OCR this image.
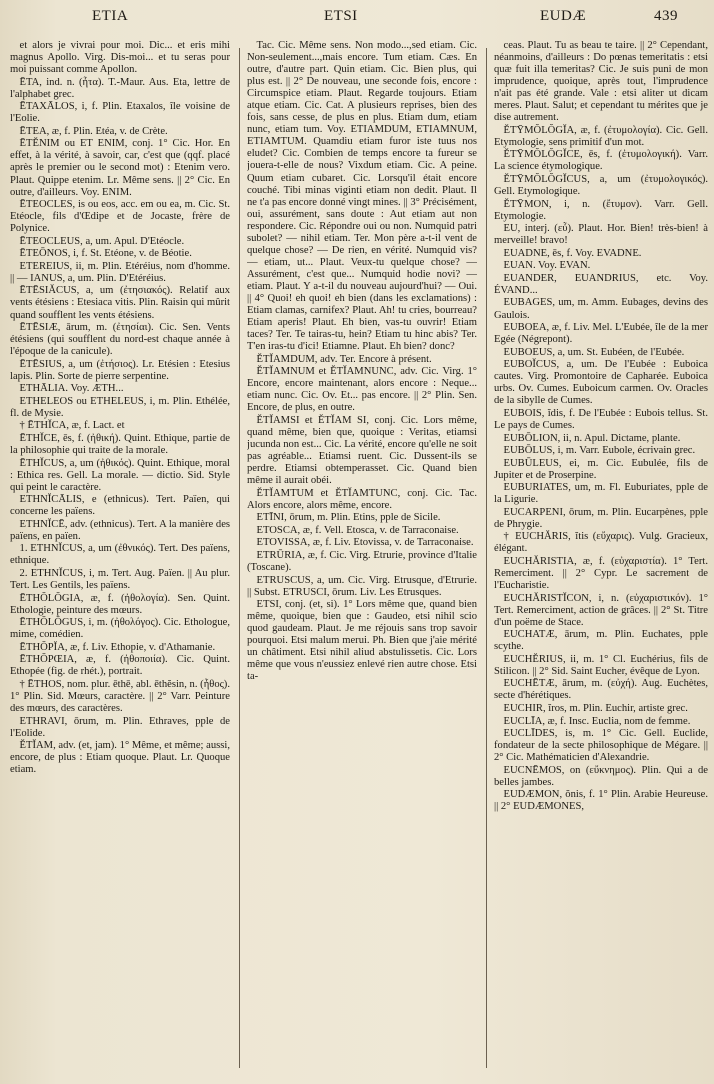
ETIA	ETSI	EUDÆ	439

et alors je vivrai pour moi. Dic... et eris mihi magnus Apollo. Virg. Dis-moi... et tu seras pour moi puissant comme Apollon.

ĒTA, ind. n. (ἦτα). T.-Maur. Aus. Eta, lettre de l'alphabet grec.

ĒTAXĀLOS, i, f. Plin. Etaxalos, île voisine de l'Eolie.

ĒTEA, æ, f. Plin. Etéa, v. de Crète.

ĒTĔNIM ou ET ENIM, conj. 1° Cic. Hor. En effet, à la vérité, à savoir, car, c'est que (qqf. placé après le premier ou le second mot) : Etenim vero. Plaut. Quippe etenim. Lr. Même sens. || 2° Cic. En outre, d'ailleurs. Voy. ENIM.

ĒTEOCLES, is ou eos, acc. em ou ea, m. Cic. St. Etéocle, fils d'Œdipe et de Jocaste, frère de Polynice.

ĒTEOCLEUS, a, um. Apul. D'Etéocle.

ĒTEŌNOS, i, f. St. Etéone, v. de Béotie.

ETEREIUS, ii, m. Plin. Etéréius, nom d'homme. || — IANUS, a, um. Plin. D'Etéréius.

ĒTĒSIĂCUS, a, um (ἐτησιακός). Relatif aux vents étésiens : Etesiaca vitis. Plin. Raisin qui mûrit quand soufflent les vents étésiens.

ĒTĒSIÆ, ārum, m. (ἐτησίαι). Cic. Sen. Vents étésiens (qui soufflent du nord-est chaque année à l'époque de la canicule).

ĒTĒSIUS, a, um (ἐτήσιος). Lr. Etésien : Etesius lapis. Plin. Sorte de pierre serpentine.

ETHĀLIA. Voy. ÆTH...

ETHELEOS ou ETHELEUS, i, m. Plin. Ethélée, fl. de Mysie.

† ĒTHĬCA, æ, f. Lact. et

ĒTHĬCE, ēs, f. (ἠθική). Quint. Ethique, partie de la philosophie qui traite de la morale.

ĒTHĬCUS, a, um (ἠθικός). Quint. Ethique, moral : Ethica res. Gell. La morale. — dictio. Sid. Style qui peint le caractère.

ETHNĬCĀLIS, e (ethnicus). Tert. Païen, qui concerne les païens.

ETHNĬCĒ, adv. (ethnicus). Tert. A la manière des païens, en païen.

1. ETHNĬCUS, a, um (ἐθνικός). Tert. Des païens, ethnique.

2. ETHNĬCUS, i, m. Tert. Aug. Païen. || Au plur. Tert. Les Gentils, les païens.

ĒTHŎLŎGIA, æ, f. (ἠθολογία). Sen. Quint. Ethologie, peinture des mœurs.

ĒTHŎLŎGUS, i, m. (ἠθολόγος). Cic. Ethologue, mime, comédien.

ĒTHŎPĬA, æ, f. Liv. Ethopie, v. d'Athamanie.

ĒTHŎPŒIA, æ, f. (ἠθοποιία). Cic. Quint. Ethopée (fig. de rhét.), portrait.

† ĒTHOS, nom. plur. ēthē, abl. ēthĕsin, n. (ἦθος). 1° Plin. Sid. Mœurs, caractère. || 2° Varr. Peinture des mœurs, des caractères.

ETHRAVI, ōrum, m. Plin. Ethraves, pple de l'Eolide.

ĔTĬAM, adv. (et, jam). 1° Même, et même; aussi, encore, de plus : Etiam quoque. Plaut. Lr. Quoque etiam.

Tac. Cic. Même sens. Non modo...,sed etiam. Cic. Non-seulement...,mais encore. Tum etiam. Cæs. En outre, d'autre part. Quin etiam. Cic. Bien plus, qui plus est. || 2° De nouveau, une seconde fois, encore : Circumspice etiam. Plaut. Regarde toujours. Etiam atque etiam. Cic. Cat. A plusieurs reprises, bien des fois, sans cesse, de plus en plus. Etiam dum, etiam nunc, etiam tum. Voy. ETIAMDUM, ETIAMNUM, ETIAMTUM. Quamdiu etiam furor iste tuus nos eludet? Cic. Combien de temps encore ta fureur se jouera-t-elle de nous? Vixdum etiam. Cic. A peine. Quum etiam cubaret. Cic. Lorsqu'il était encore couché. Tibi minas viginti etiam non dedit. Plaut. Il ne t'a pas encore donné vingt mines. || 3° Précisément, oui, assurément, sans doute : Aut etiam aut non respondere. Cic. Répondre oui ou non. Numquid patri subolet? — nihil etiam. Ter. Mon père a-t-il vent de quelque chose? — De rien, en vérité. Numquid vis? — etiam, ut... Plaut. Veux-tu quelque chose? — Assurément, c'est que... Numquid hodie novi? — etiam. Plaut. Y a-t-il du nouveau aujourd'hui? — Oui. || 4° Quoi! eh quoi! eh bien (dans les exclamations) : Etiam clamas, carnifex? Plaut. Ah! tu cries, bourreau? Etiam aperis! Plaut. Eh bien, vas-tu ouvrir! Etiam taces? Ter. Te tairas-tu, hein? Etiam tu hinc abis? Ter. T'en iras-tu d'ici! Etiamne. Plaut. Eh bien? donc?

ĔTĬAMDUM, adv. Ter. Encore à présent.

ĔTĬAMNUM et ĔTĬAMNUNC, adv. Cic. Virg. 1° Encore, encore maintenant, alors encore : Neque... etiam nunc. Cic. Ov. Et... pas encore. || 2° Plin. Sen. Encore, de plus, en outre.

ĔTĬAMSI et ĔTĬAM SI, conj. Cic. Lors même, quand même, bien que, quoique : Veritas, etiamsi jucunda non est... Cic. La vérité, encore qu'elle ne soit pas agréable... Etiamsi ruent. Cic. Dussent-ils se perdre. Etiamsi obtemperasset. Cic. Quand bien même il aurait obéi.

ĔTĬAMTUM et ĔTĬAMTUNC, conj. Cic. Tac. Alors encore, alors même, encore.

ETĪNI, ōrum, m. Plin. Etins, pple de Sicile.

ETOSCA, æ, f. Vell. Etosca, v. de Tarraconaise.

ETOVISSA, æ, f. Liv. Etovissa, v. de Tarraconaise.

ETRŪRIA, æ, f. Cic. Virg. Etrurie, province d'Italie (Toscane).

ETRUSCUS, a, um. Cic. Virg. Etrusque, d'Etrurie. || Subst. ETRUSCI, ōrum. Liv. Les Etrusques.

ETSI, conj. (et, si). 1° Lors même que, quand bien même, quoique, bien que : Gaudeo, etsi nihil scio quod gaudeam. Plaut. Je me réjouis sans trop savoir pourquoi. Etsi malum merui. Ph. Bien que j'aie mérité un châtiment. Etsi nihil aliud abstulissetis. Cic. Lors même que vous n'eussiez enlevé rien autre chose. Etsi ta-

ceas. Plaut. Tu as beau te taire. || 2° Cependant, néanmoins, d'ailleurs : Do pœnas temeritatis : etsi quæ fuit illa temeritas? Cic. Je suis puni de mon imprudence, quoique, après tout, l'imprudence n'ait pas été grande. Vale : etsi aliter ut dicam meres. Plaut. Salut; et cependant tu mérites que je dise autrement.

ĔTȲMŎLŎGĬA, æ, f. (ἐτυμολογία). Cic. Gell. Etymologie, sens primitif d'un mot.

ĔTȲMŎLŎGĬCE, ēs, f. (ἐτυμολογική). Varr. La science étymologique.

ĔTȲMŎLŎGĬCUS, a, um (ἐτυμολογικός). Gell. Etymologique.

ĔTȲMON, i, n. (ἔτυμον). Varr. Gell. Etymologie.

EU, interj. (εὖ). Plaut. Hor. Bien! très-bien! à merveille! bravo!

EUADNE, ēs, f. Voy. EVADNE.

EUAN. Voy. EVAN.

EUANDER, EUANDRIUS, etc. Voy. ÉVAND...

EUBAGES, um, m. Amm. Eubages, devins des Gaulois.

EUBOEA, æ, f. Liv. Mel. L'Eubée, île de la mer Egée (Négrepont).

EUBOEUS, a, um. St. Eubéen, de l'Eubée.

EUBOĬCUS, a, um. De l'Eubée : Euboica cautes. Virg. Promontoire de Capharée. Euboica urbs. Ov. Cumes. Euboicum carmen. Ov. Oracles de la sibylle de Cumes.

EUBOIS, ĭdis, f. De l'Eubée : Eubois tellus. St. Le pays de Cumes.

EUBŌLION, ii, n. Apul. Dictame, plante.

EUBŌLUS, i, m. Varr. Eubole, écrivain grec.

EUBŪLEUS, ei, m. Cic. Eubulée, fils de Jupiter et de Proserpine.

EUBURIATES, um, m. Fl. Euburiates, pple de la Ligurie.

EUCARPENI, ōrum, m. Plin. Eucarpènes, pple de Phrygie.

† EUCHĂRIS, ĭtis (εὔχαρις). Vulg. Gracieux, élégant.

EUCHĂRISTIA, æ, f. (εὐχαριστία). 1° Tert. Remerciment. || 2° Cypr. Le sacrement de l'Eucharistie.

EUCHĂRISTĬCON, i, n. (εὐχαριστικόν). 1° Tert. Remerciment, action de grâces. || 2° St. Titre d'un poëme de Stace.

EUCHATÆ, ārum, m. Plin. Euchates, pple scythe.

EUCHĔRIUS, ii, m. 1° Cl. Euchérius, fils de Stilicon. || 2° Sid. Saint Eucher, évêque de Lyon.

EUCHĒTÆ, ārum, m. (εὐχή). Aug. Euchètes, secte d'hérétiques.

EUCHIR, ĭros, m. Plin. Euchir, artiste grec.

EUCLĪA, æ, f. Insc. Euclia, nom de femme.

EUCLĪDES, is, m. 1° Cic. Gell. Euclide, fondateur de la secte philosophique de Mégare. || 2° Cic. Mathématicien d'Alexandrie.

EUCNĒMOS, on (εὔκνημος). Plin. Qui a de belles jambes.

EUDÆMON, ŏnis, f. 1° Plin. Arabie Heureuse. || 2° EUDÆMONES,
